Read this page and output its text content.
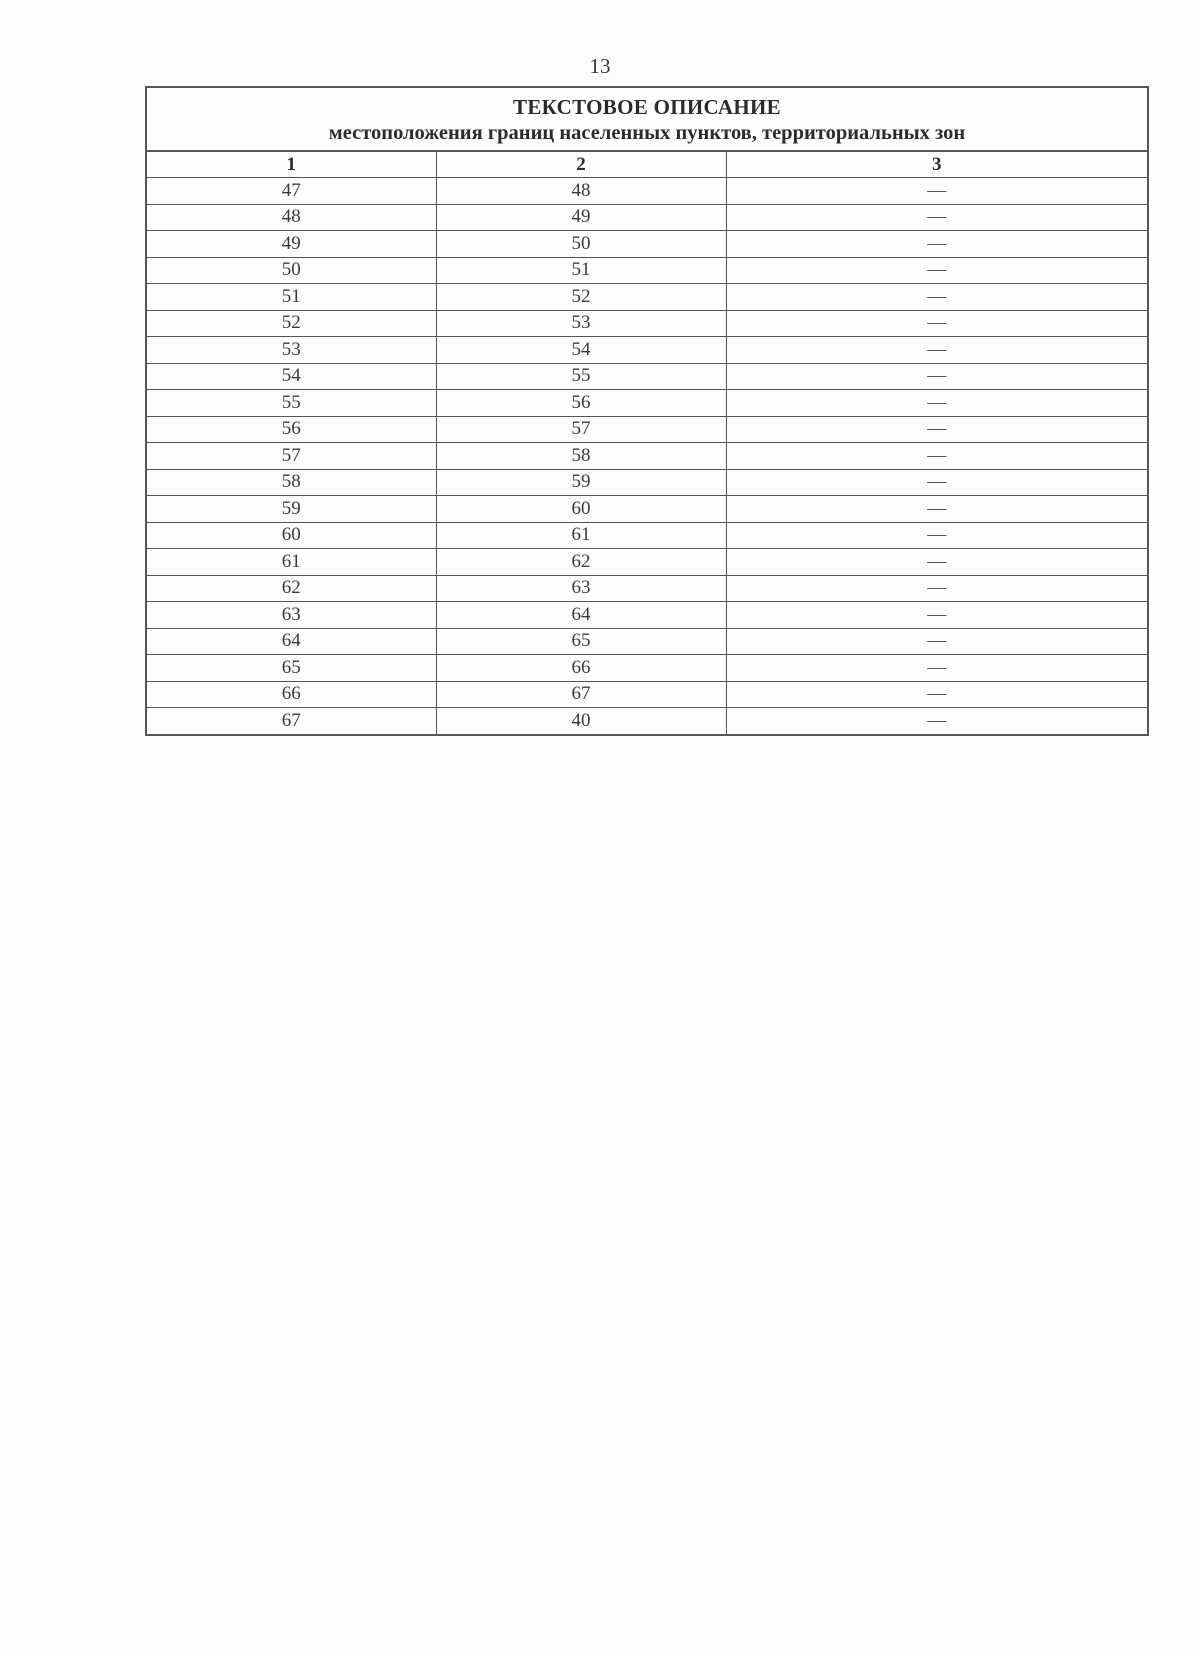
13
ТЕКСТОВОЕ ОПИСАНИЕ
местоположения границ населенных пунктов, территориальных зон		

1	2	3
47	48	—
48	49	—
49	50	—
50	51	—
51	52	—
52	53	—
53	54	—
54	55	—
55	56	—
56	57	—
57	58	—
58	59	—
59	60	—
60	61	—
61	62	—
62	63	—
63	64	—
64	65	—
65	66	—
66	67	—
67	40	—
